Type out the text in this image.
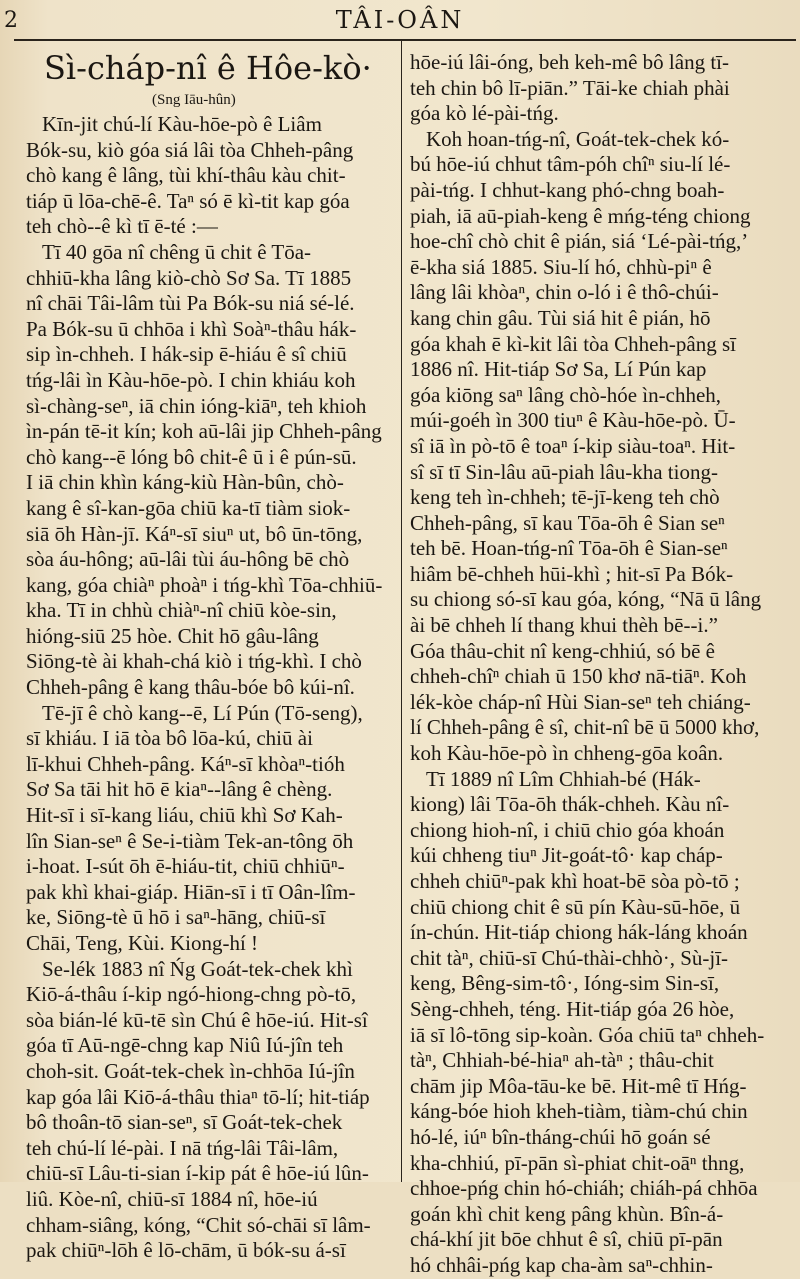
2	TÂI-OÂN
Sì-cháp-nî ê Hôe-kò·
(Sng Iāu-hûn)
Kīn-jit chú-lí Kàu-hōe-pò ê Liâm
Bók-su, kiò góa siá lâi tòa Chheh-pâng
chò kang ê lâng, tùi khí-thâu kàu chit-
tiáp ū lōa-chē-ê. Taⁿ só ē kì-tit kap góa
teh chò--ê kì tī ē-té :—
Tī 40 gōa nî chêng ū chit ê Tōa-
chhiū-kha lâng kiò-chò Sơ Sa. Tī 1885
nî chāi Tâi-lâm tùi Pa Bók-su niá sé-lé.
Pa Bók-su ū chhōa i khì Soàⁿ-thâu hák-
sip ìn-chheh. I hák-sip ē-hiáu ê sî chiū
tńg-lâi ìn Kàu-hōe-pò. I chin khiáu koh
sì-chàng-seⁿ, iā chin ióng-kiāⁿ, teh khioh
ìn-pán tē-it kín; koh aū-lâi jip Chheh-pâng
chò kang--ē lóng bô chit-ê ū i ê pún-sū.
I iā chin khìn káng-kiù Hàn-bûn, chò-
kang ê sî-kan-gōa chiū ka-tī tiàm siok-
siā ōh Hàn-jī. Káⁿ-sī siuⁿ ut, bô ūn-tōng,
sòa áu-hông; aū-lâi tùi áu-hông bē chò
kang, góa chiàⁿ phoàⁿ i tńg-khì Tōa-chhiū-
kha. Tī in chhù chiàⁿ-nî chiū kòe-sin,
hióng-siū 25 hòe. Chit hō gâu-lâng
Siōng-tè ài khah-chá kiò i tńg-khì. I chò
Chheh-pâng ê kang thâu-bóe bô kúi-nî.
Tē-jī ê chò kang--ē, Lí Pún (Tō-seng),
sī khiáu. I iā tòa bô lōa-kú, chiū ài
lī-khui Chheh-pâng. Káⁿ-sī khòaⁿ-tióh
Sơ Sa tāi hit hō ē kiaⁿ--lâng ê chèng.
Hit-sī i sī-kang liáu, chiū khì Sơ Kah-
lîn Sian-seⁿ ê Se-i-tiàm Tek-an-tông ōh
i-hoat. I-sút ōh ē-hiáu-tit, chiū chhiūⁿ-
pak khì khai-giáp. Hiān-sī i tī Oân-lîm-
ke, Siōng-tè ū hō i saⁿ-hāng, chiū-sī
Chāi, Teng, Kùi. Kiong-hí !
Se-lék 1883 nî Ńg Goát-tek-chek khì
Kiō-á-thâu í-kip ngó-hiong-chng pò-tō,
sòa bián-lé kū-tē sìn Chú ê hōe-iú. Hit-sî
góa tī Aū-ngē-chng kap Niû Iú-jîn teh
choh-sit. Goát-tek-chek ìn-chhōa Iú-jîn
kap góa lâi Kiō-á-thâu thiaⁿ tō-lí; hit-tiáp
bô thoân-tō sian-seⁿ, sī Goát-tek-chek
teh chú-lí lé-pài. I nā tńg-lâi Tâi-lâm,
chiū-sī Lâu-ti-sian í-kip pát ê hōe-iú lûn-
liû. Kòe-nî, chiū-sī 1884 nî, hōe-iú
chham-siâng, kóng, “Chit só-chāi sī lâm-
pak chiūⁿ-lōh ê lō-chām, ū bók-su á-sī
hōe-iú lâi-óng, beh keh-mê bô lâng tī-
teh chin bô lī-piān.” Tāi-ke chiah phài
góa kò lé-pài-tńg.
Koh hoan-tńg-nî, Goát-tek-chek kó-
bú hōe-iú chhut tâm-póh chîⁿ siu-lí lé-
pài-tńg. I chhut-kang phó-chng boah-
piah, iā aū-piah-keng ê mńg-téng chiong
hoe-chî chò chit ê pián, siá ‘Lé-pài-tńg,’
ē-kha siá 1885. Siu-lí hó, chhù-piⁿ ê
lâng lâi khòaⁿ, chin o-ló i ê thô-chúi-
kang chin gâu. Tùi siá hit ê pián, hō
góa khah ē kì-kit lâi tòa Chheh-pâng sī
1886 nî. Hit-tiáp Sơ Sa, Lí Pún kap
góa kiōng saⁿ lâng chò-hóe ìn-chheh,
múi-goéh ìn 300 tiuⁿ ê Kàu-hōe-pò. Ū-
sî iā ìn pò-tō ê toaⁿ í-kip siàu-toaⁿ. Hit-
sî sī tī Sin-lâu aū-piah lâu-kha tiong-
keng teh ìn-chheh; tē-jī-keng teh chò
Chheh-pâng, sī kau Tōa-ōh ê Sian seⁿ
teh bē. Hoan-tńg-nî Tōa-ōh ê Sian-seⁿ
hiâm bē-chheh hūi-khì ; hit-sī Pa Bók-
su chiong só-sī kau góa, kóng, “Nā ū lâng
ài bē chheh lí thang khui thèh bē--i.”
Góa thâu-chit nî keng-chhiú, só bē ê
chheh-chîⁿ chiah ū 150 khơ nā-tiāⁿ. Koh
lék-kòe cháp-nî Hùi Sian-seⁿ teh chiáng-
lí Chheh-pâng ê sî, chit-nî bē ū 5000 khơ,
koh Kàu-hōe-pò ìn chheng-gōa koân.
Tī 1889 nî Lîm Chhiah-bé (Hák-
kiong) lâi Tōa-ōh thák-chheh. Kàu nî-
chiong hioh-nî, i chiū chio góa khoán
kúi chheng tiuⁿ Jit-goát-tô· kap cháp-
chheh chiūⁿ-pak khì hoat-bē sòa pò-tō ;
chiū chiong chit ê sū pín Kàu-sū-hōe, ū
ín-chún. Hit-tiáp chiong hák-láng khoán
chit tàⁿ, chiū-sī Chú-thài-chhò·, Sù-jī-
keng, Bêng-sim-tô·, Ióng-sim Sin-sī,
Sèng-chheh, téng. Hit-tiáp góa 26 hòe,
iā sī lô-tōng sip-koàn. Góa chiū taⁿ chheh-
tàⁿ, Chhiah-bé-hiaⁿ ah-tàⁿ ; thâu-chit
chām jip Môa-tāu-ke bē. Hit-mê tī Hńg-
káng-bóe hioh kheh-tiàm, tiàm-chú chin
hó-lé, iúⁿ bîn-tháng-chúi hō goán sé
kha-chhiú, pī-pān sì-phiat chit-oāⁿ thng,
chhoe-pńg chin hó-chiáh; chiáh-pá chhōa
goán khì chit keng pâng khùn. Bîn-á-
chá-khí jit bōe chhut ê sî, chiū pī-pān
hó chhâi-pńg kap cha-àm saⁿ-chhin-
